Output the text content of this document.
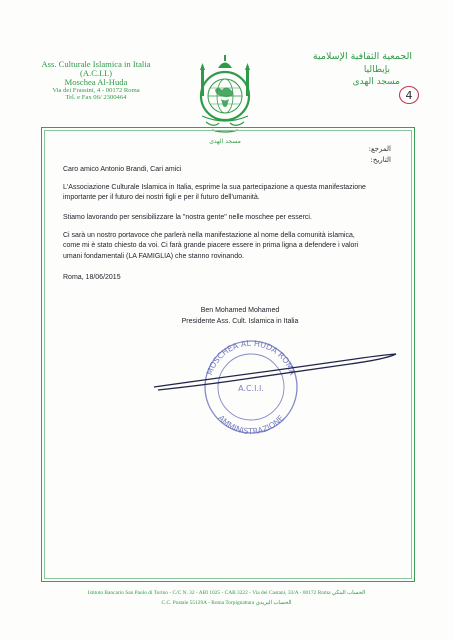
Ass. Culturale Islamica in Italia
(A.C.I.I.)
Moschea Al-Huda
Via dei Frassini, 4 - 00172 Roma
Tel. e Fax 06/ 2300464
مسجد الهدى
الجمعية الثقافية الإسلامية
بإيطاليا
مسجد الهدى
4
المرجع:
التاريخ:
Caro amico Antonio Brandi, Cari amici

L'Associazione Culturale Islamica in Italia, esprime la sua partecipazione a questa manifestazione

importante per il futuro dei nostri figli e per il futuro dell'umanità.

Stiamo lavorando per sensibilizzare la "nostra gente" nelle moschee per esserci.

Ci sarà un nostro portavoce che parlerà nella manifestazione al nome della comunità islamica,

come mi è stato chiesto da voi. Ci farà grande piacere essere in prima ligna a defendere i valori

umani fondamentali (LA FAMIGLIA) che stanno rovinando.

Roma, 18/06/2015
Ben Mohamed Mohamed
Presidente Ass. Cult. Islamica in Italia
MOSCHEA AL HUDA ROMA
A.C.I.I.
AMMINISTRAZIONE
Istituto Bancario San Paolo di Torino - C/C N. 32 - ABI 1025 - CAB 3222 - Via dei Castani, 33/A - 00172 Roma الحساب البنكي
C.C. Postale 55129A - Roma Torpignattara الحساب البريدي
